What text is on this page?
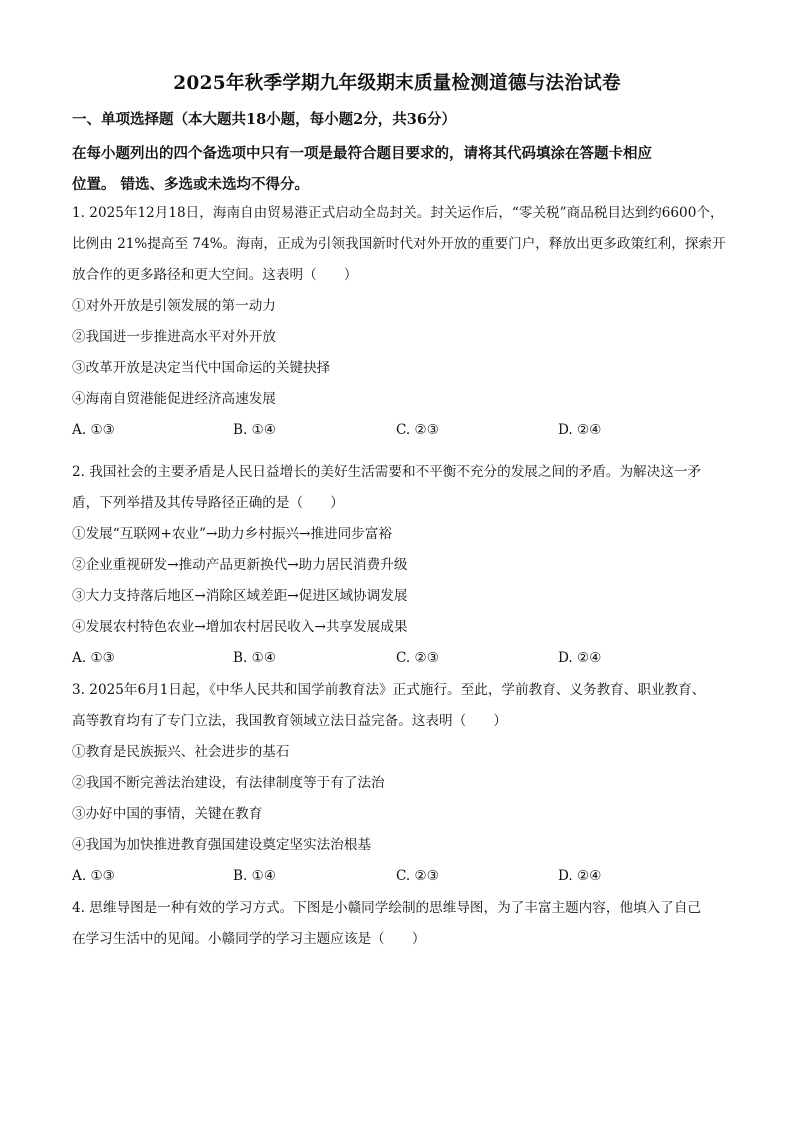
2025年秋季学期九年级期末质量检测道德与法治试卷
一、单项选择题（本大题共18小题，每小题2分，共36分）
在每小题列出的四个备选项中只有一项是最符合题目要求的，请将其代码填涂在答题卡相应
位置。 错选、多选或未选均不得分。
1. 2025年12月18日，海南自由贸易港正式启动全岛封关。封关运作后，“零关税”商品税目达到约6600个，
比例由 21%提高至 74%。海南，正成为引领我国新时代对外开放的重要门户，释放出更多政策红利，探索开
放合作的更多路径和更大空间。这表明（　　）
①对外开放是引领发展的第一动力
②我国进一步推进高水平对外开放
③改革开放是决定当代中国命运的关键抉择
④海南自贸港能促进经济高速发展
A. ①③	B. ①④	C. ②③	D. ②④
2. 我国社会的主要矛盾是人民日益增长的美好生活需要和不平衡不充分的发展之间的矛盾。为解决这一矛
盾，下列举措及其传导路径正确的是（　　）
①发展“互联网+农业”→助力乡村振兴→推进同步富裕
②企业重视研发→推动产品更新换代→助力居民消费升级
③大力支持落后地区→消除区域差距→促进区域协调发展
④发展农村特色农业→增加农村居民收入→共享发展成果
A. ①③	B. ①④	C. ②③	D. ②④
3. 2025年6月1日起，《中华人民共和国学前教育法》正式施行。至此，学前教育、义务教育、职业教育、
高等教育均有了专门立法，我国教育领域立法日益完备。这表明（　　）
①教育是民族振兴、社会进步的基石
②我国不断完善法治建设，有法律制度等于有了法治
③办好中国的事情，关键在教育
④我国为加快推进教育强国建设奠定坚实法治根基
A. ①③	B. ①④	C. ②③	D. ②④
4. 思维导图是一种有效的学习方式。下图是小赣同学绘制的思维导图，为了丰富主题内容，他填入了自己
在学习生活中的见闻。小赣同学的学习主题应该是（　　）
